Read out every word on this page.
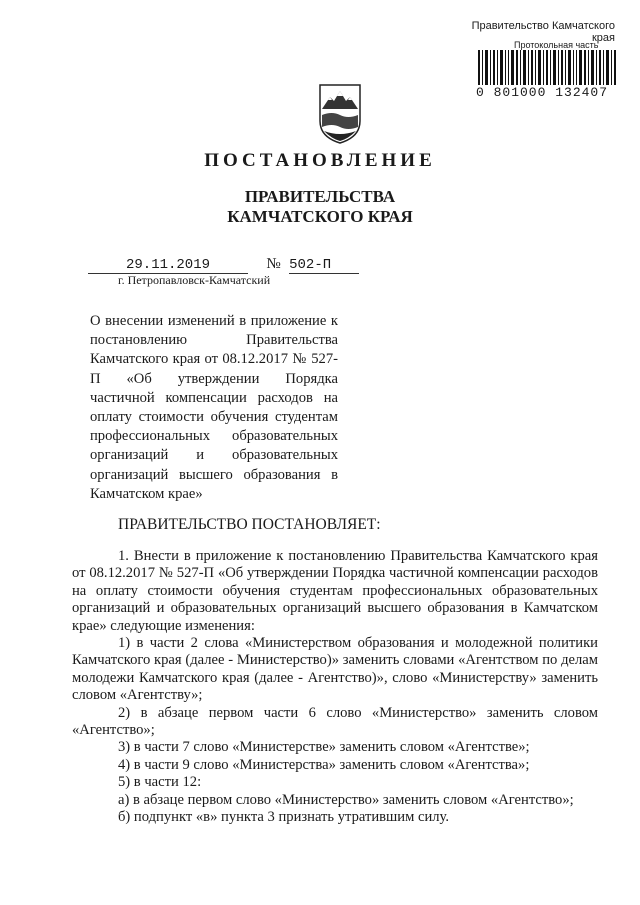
Правительство Камчатского края
Протокольная часть
0 801000 132407
ПОСТАНОВЛЕНИЕ
ПРАВИТЕЛЬСТВА
КАМЧАТСКОГО КРАЯ
29.11.2019	№ 502-П
г. Петропавловск-Камчатский
О внесении изменений в приложение к постановлению Правительства Камчатского края от 08.12.2017 № 527-П «Об утверждении Порядка частичной компенсации расходов на оплату стоимости обучения студентам профессиональных образовательных организаций и образовательных организаций высшего образования в Камчатском крае»
ПРАВИТЕЛЬСТВО ПОСТАНОВЛЯЕТ:

1. Внести в приложение к постановлению Правительства Камчатского края от 08.12.2017 № 527-П «Об утверждении Порядка частичной компенсации расходов на оплату стоимости обучения студентам профессиональных образовательных организаций и образовательных организаций высшего образования в Камчатском крае» следующие изменения:

1) в части 2 слова «Министерством образования и молодежной политики Камчатского края (далее - Министерство)» заменить словами «Агентством по делам молодежи Камчатского края (далее - Агентство)», слово «Министерству» заменить словом «Агентству»;

2) в абзаце первом части 6 слово «Министерство» заменить словом «Агентство»;

3) в части 7 слово «Министерстве» заменить словом «Агентстве»;

4) в части 9 слово «Министерства» заменить словом «Агентства»;

5) в части 12:

а) в абзаце первом слово «Министерство» заменить словом «Агентство»;

б) подпункт «в» пункта 3 признать утратившим силу.
